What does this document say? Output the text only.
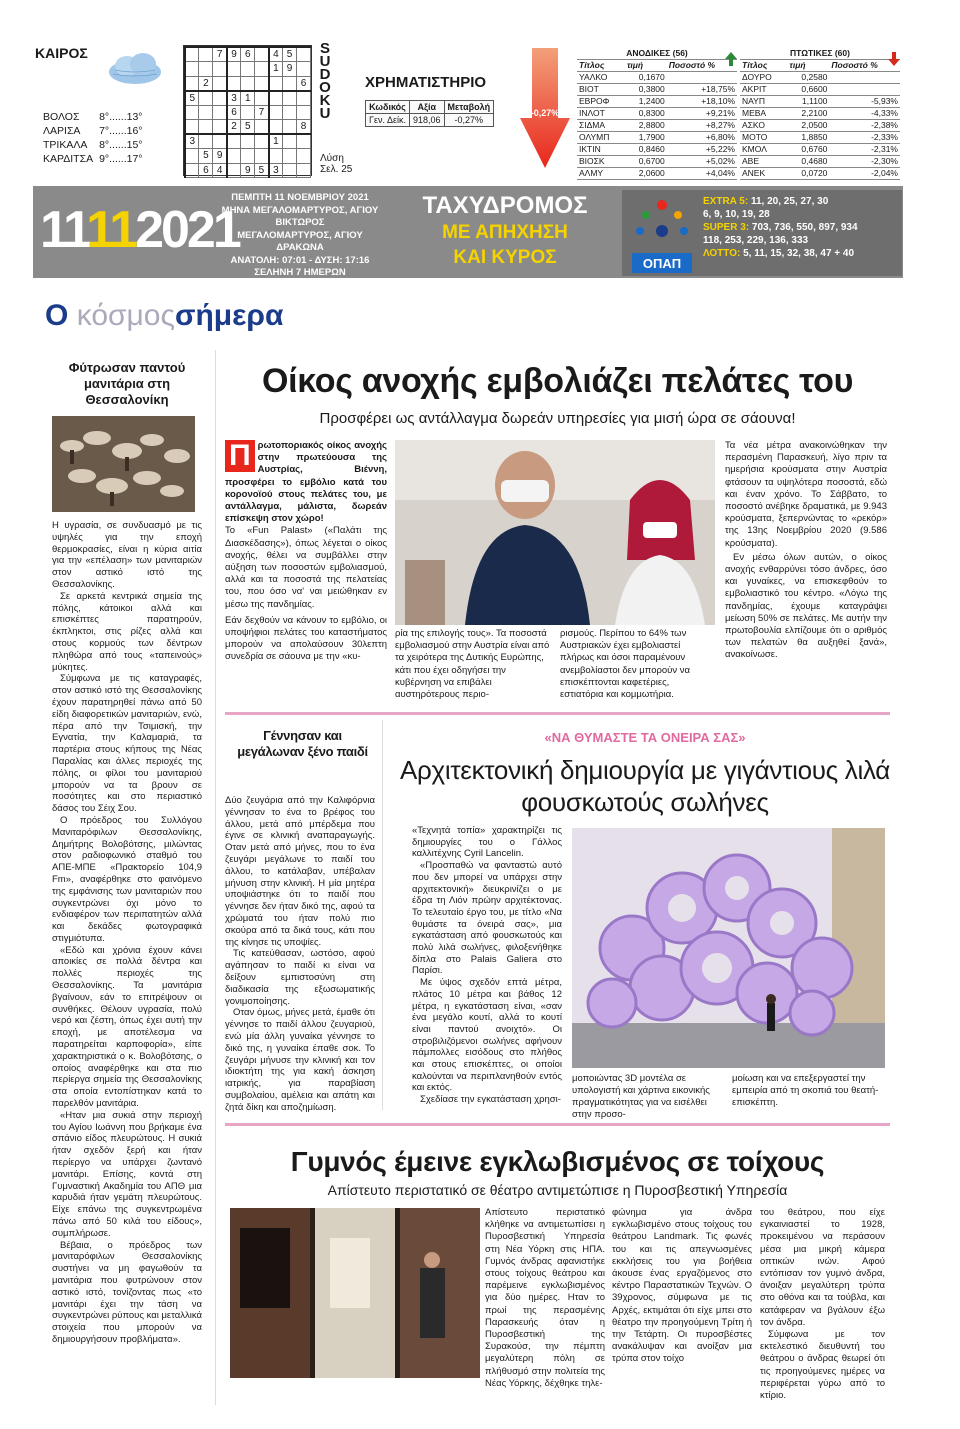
ΚΑΙΡΟΣ
ΒΟΛΟΣ	8°......13°
ΛΑΡΙΣΑ	7°......16°
ΤΡΙΚΑΛΑ	8°......15°
ΚΑΡΔΙΤΣΑ	9°......17°
		7	9	6		4	5	
						1	9	
	2							6
5			3	1				
			6		7			
			2	5				8
3						1		
	5	9						
	6	4		9	5	3		
S
U
D
O
K
U
Λύση
Σελ. 25
ΧΡΗΜΑΤΙΣΤΗΡΙΟ
Κωδικός	Αξία	Μεταβολή
Γεν. Δείκ.	918,06	-0,27%
-0,27%
ΑΝΟΔΙΚΕΣ (56)		
Τίτλος	τιμή	Ποσοστό %
ΥΑΛΚΟ	0,1670	
ΒΙΟΤ	0,3800	+18,75%
ΕΒΡΟΦ	1,2400	+18,10%
ΙΝΛΟΤ	0,8300	+9,21%
ΣΙΔΜΑ	2,8800	+8,27%
ΟΛΥΜΠ	1,7900	+6,80%
ΙΚΤΙΝ	0,8460	+5,22%
ΒΙΟΣΚ	0,6700	+5,02%
ΑΛΜΥ	2,0600	+4,04%
ΠΤΩΤΙΚΕΣ (60)		
Τίτλος	τιμή	Ποσοστό %
ΔΟΥΡΟ	0,2580	
ΑΚΡΙΤ	0,6600	
ΝΑΥΠ	1,1100	-5,93%
ΜΕΒΑ	2,2100	-4,33%
ΑΣΚΟ	2,0500	-2,38%
ΜΟΤΟ	1,8850	-2,33%
ΚΜΟΛ	0,6760	-2,31%
ΑΒΕ	0,4680	-2,30%
ΑΝΕΚ	0,0720	-2,04%
11112021
ΠΕΜΠΤΗ 11 ΝΟΕΜΒΡΙΟΥ 2021
ΜΗΝΑ ΜΕΓΑΛΟΜΑΡΤΥΡΟΣ, ΑΓΙΟΥ ΒΙΚΤΩΡΟΣ
ΜΕΓΑΛΟΜΑΡΤΥΡΟΣ, ΑΓΙΟΥ ΔΡΑΚΩΝΑ
ΑΝΑΤΟΛΗ: 07:01 - ΔΥΣΗ: 17:16
ΣΕΛΗΝΗ 7 ΗΜΕΡΩΝ
ΤΑΧΥΔΡΟΜΟΣ
ΜΕ ΑΠΗΧΗΣΗ
ΚΑΙ ΚΥΡΟΣ	ΟΠΑΠ
EXTRA 5: 11, 20, 25, 27, 30
6, 9, 10, 19, 28
SUPER 3: 703, 736, 550, 897, 934
118, 253, 229, 136, 333
ΛΟΤΤΟ: 5, 11, 15, 32, 38, 47 + 40
Ο κόσμοςσήμερα
Φύτρωσαν παντού μανιτάρια στη Θεσσαλονίκη

Η υγρασία, σε συνδυασμό με τις υψηλές για την εποχή θερμοκρασίες, είναι η κύρια αιτία για την «επέλαση» των μανιταριών στον αστικό ιστό της Θεσσαλονίκης.

Σε αρκετά κεντρικά σημεία της πόλης, κάτοικοι αλλά και επισκέπτες παρατηρούν, έκπληκτοι, στις ρίζες αλλά και στους κορμούς των δέντρων πληθώρα από τους «ταπεινούς» μύκητες.

Σύμφωνα με τις καταγραφές, στον αστικό ιστό της Θεσσαλονίκης έχουν παρατηρηθεί πάνω από 50 είδη διαφορετικών μανιταριών, ενώ, πέρα από την Τσιμισκή, την Εγνατία, την Καλαμαριά, τα παρτέρια στους κήπους της Νέας Παραλίας και άλλες περιοχές της πόλης, οι φίλοι του μανιταριού μπορούν να τα βρουν σε ποσότητες και στο περιαστικό δάσος του Σέιχ Σου.

Ο πρόεδρος του Συλλόγου Μανιταρόφιλων Θεσσαλονίκης, Δημήτρης Βολοβότσης, μιλώντας στον ραδιοφωνικό σταθμό του ΑΠΕ-ΜΠΕ «Πρακτορείο 104,9 Fm», αναφέρθηκε στο φαινόμενο της εμφάνισης των μανιταριών που συγκεντρώνει όχι μόνο το ενδιαφέρον των περιπατητών αλλά και δεκάδες φωτογραφικά στιγμιότυπα.

«Εδώ και χρόνια έχουν κάνει αποικίες σε πολλά δέντρα και πολλές περιοχές της Θεσσαλονίκης. Τα μανιτάρια βγαίνουν, εάν το επιτρέψουν οι συνθήκες. Θέλουν υγρασία, πολύ νερό και ζέστη, όπως έχει αυτή την εποχή, με αποτέλεσμα να παρατηρείται καρποφορία», είπε χαρακτηριστικά ο κ. Βολοβότσης, ο οποίος αναφέρθηκε και στα πιο περίεργα σημεία της Θεσσαλονίκης στα οποία εντοπίστηκαν κατά το παρελθόν μανιτάρια.

«Ηταν μια συκιά στην περιοχή του Αγίου Ιωάννη που βρήκαμε ένα σπάνιο είδος πλευρώτους. Η συκιά ήταν σχεδόν ξερή και ήταν περίεργο να υπάρχει ζωντανό μανιτάρι. Επίσης, κοντά στη Γυμναστική Ακαδημία του ΑΠΘ μια καρυδιά ήταν γεμάτη πλευρώτους. Είχε επάνω της συγκεντρωμένα πάνω από 50 κιλά του είδους», συμπλήρωσε.

Βέβαια, ο πρόεδρος των μανιταρόφιλων Θεσσαλονίκης συστήνει να μη φαγωθούν τα μανιτάρια που φυτρώνουν στον αστικό ιστό, τονίζοντας πως «το μανιτάρι έχει την τάση να συγκεντρώνει ρύπους και μεταλλικά στοιχεία που μπορούν να δημιουργήσουν προβλήματα».

Οίκος ανοχής εμβολιάζει πελάτες του
Προσφέρει ως αντάλλαγμα δωρεάν υπηρεσίες για μισή ώρα σε σάουνα!

Π ρωτοποριακός οίκος ανοχής στην πρωτεύουσα της Αυστρίας, Βιέννη, προσφέρει το εμβόλιο κατά του κορονοϊού στους πελάτες του, με αντάλλαγμα, μάλιστα, δωρεάν επίσκεψη στον χώρο!

Το «Fun Palast» («Παλάτι της Διασκέδασης»), όπως λέγεται ο οίκος ανοχής, θέλει να συμβάλλει στην αύξηση των ποσοστών εμβολιασμού, αλλά και τα ποσοστά της πελατείας του, που όσο να' ναι μειώθηκαν εν μέσω της πανδημίας.

Εάν δεχθούν να κάνουν το εμβόλιο, οι υποψήφιοι πελάτες του καταστήματος μπορούν να απολαύσουν 30λεπτη συνεδρία σε σάουνα με την «κυ-

ρία της επιλογής τους». Τα ποσοστά εμβολιασμού στην Αυστρία είναι από τα χειρότερα της Δυτικής Ευρώπης, κάτι που έχει οδηγήσει την κυβέρνηση να επιβάλει αυστηρότερους περιο-
ρισμούς. Περίπου το 64% των Αυστριακών έχει εμβολιαστεί πλήρως και όσοι παραμένουν ανεμβολίαστοι δεν μπορούν να επισκέπτονται καφετέριες, εστιατόρια και κομμωτήρια.

Τα νέα μέτρα ανακοινώθηκαν την περασμένη Παρασκευή, λίγο πριν τα ημερήσια κρούσματα στην Αυστρία φτάσουν τα υψηλότερα ποσοστά, εδώ και έναν χρόνο. Το Σάββατο, το ποσοστό ανέβηκε δραματικά, με 9.943 κρούσματα, ξεπερνώντας το «ρεκόρ» της 13ης Νοεμβρίου 2020 (9.586 κρούσματα).

Εν μέσω όλων αυτών, ο οίκος ανοχής ενθαρρύνει τόσο άνδρες, όσο και γυναίκες, να επισκεφθούν το εμβολιαστικό του κέντρο. «Λόγω της πανδημίας, έχουμε καταγράψει μείωση 50% σε πελάτες. Με αυτήν την πρωτοβουλία ελπίζουμε ότι ο αριθμός των πελατών θα αυξηθεί ξανά», ανακοίνωσε.

Γέννησαν και μεγάλωναν ξένο παιδί

Δύο ζευγάρια από την Καλιφόρνια γέννησαν το ένα το βρέφος του άλλου, μετά από μπέρδεμα που έγινε σε κλινική αναπαραγωγής. Οταν μετά από μήνες, που το ένα ζευγάρι μεγάλωνε το παιδί του άλλου, το κατάλαβαν, υπέβαλαν μήνυση στην κλινική. Η μία μητέρα υποψιάστηκε ότι το παιδί που γέννησε δεν ήταν δικό της, αφού τα χρώματά του ήταν πολύ πιο σκούρα από τα δικά τους, κάτι που της κίνησε τις υποψίες.

Τις κατεύθασαν, ωστόσο, αφού αγάπησαν το παιδί κι είναι να δείξουν εμπιστοσύνη στη διαδικασία της εξωσωματικής γονιμοποίησης.

Οταν όμως, μήνες μετά, έμαθε ότι γέννησε το παιδί άλλου ζευγαριού, ενώ μία άλλη γυναίκα γέννησε το δικό της, η γυναίκα έπαθε σοκ. Το ζευγάρι μήνυσε την κλινική και τον ιδιοκτήτη της για κακή άσκηση ιατρικής, για παραβίαση συμβολαίου, αμέλεια και απάτη και ζητά δίκη και αποζημίωση.

«ΝΑ ΘΥΜΑΣΤΕ ΤΑ ΟΝΕΙΡΑ ΣΑΣ»
Αρχιτεκτονική δημιουργία με γιγάντιους λιλά φουσκωτούς σωλήνες

«Τεχνητά τοπία» χαρακτηρίζει τις δημιουργίες του ο Γάλλος καλλιτέχνης Cyril Lancelin.

«Προσπαθώ να φανταστώ αυτό που δεν μπορεί να υπάρχει στην αρχιτεκτονική» διευκρινίζει ο με έδρα τη Λιόν πρώην αρχιτέκτονας. Το τελευταίο έργο του, με τίτλο «Να θυμάστε τα όνειρά σας», μια εγκατάσταση από φουσκωτούς και πολύ λιλά σωλήνες, φιλοξενήθηκε δίπλα στο Palais Galiera στο Παρίσι.

Με ύψος σχεδόν επτά μέτρα, πλάτος 10 μέτρα και βάθος 12 μέτρα, η εγκατάσταση είναι, «σαν ένα μεγάλο κουτί, αλλά το κουτί είναι παντού ανοιχτό». Οι στροβιλιζόμενοι σωλήνες αφήνουν πάμπολλες εισόδους στο πλήθος και στους επισκέπτες, οι οποίοι καλούνται να περιπλανηθούν εντός και εκτός.

Σχεδίασε την εγκατάσταση χρησι-

μοποιώντας 3D μοντέλα σε υπολογιστή και χάρτινα εικονικής πραγματικότητας για να εισέλθει στην προσο-
μοίωση και να επεξεργαστεί την εμπειρία από τη σκοπιά του θεατή-επισκέπτη.
Γυμνός έμεινε εγκλωβισμένος σε τοίχους
Απίστευτο περιστατικό σε θέατρο αντιμετώπισε η Πυροσβεστική Υπηρεσία

Απίστευτο περιστατικό κλήθηκε να αντιμετωπίσει η Πυροσβεστική Υπηρεσία στη Νέα Υόρκη στις ΗΠΑ. Γυμνός άνδρας αφανιστήκε στους τοίχους θεάτρου και παρέμεινε εγκλωβισμένος για δύο ημέρες. Ηταν το πρωί της περασμένης Παρασκευής όταν η Πυροσβεστική της Συρακούσ, την πέμπτη μεγαλύτερη πόλη σε πλήθυσμό στην πολιτεία της Νέας Υόρκης, δέχθηκε τηλε-

φώνημα για άνδρα εγκλωβισμένο στους τοίχους του θεάτρου Landmark. Τις φωνές του και τις απεγνωσμένες εκκλήσεις του για βοήθεια άκουσε ένας εργαζόμενος στο κέντρο Παραστατικών Τεχνών. Ο 39χρονος, σύμφωνα με τις Αρχές, εκτιμάται ότι είχε μπει στο θέατρο την προηγούμενη Τρίτη ή την Τετάρτη. Οι πυροσβέστες ανακάλυψαν και ανοίξαν μια τρύπα στον τοίχο

του θεάτρου, που είχε εγκαινιαστεί το 1928, προκειμένου να περάσουν μέσα μια μικρή κάμερα οπτικών ινών. Αφού εντόπισαν τον γυμνό άνδρα, άνοιξαν μεγαλύτερη τρύπα στο οθόνα και τα τούβλα, και κατάφεραν να βγάλουν έξω τον άνδρα.

Σύμφωνα με τον εκτελεστικό διευθυντή του θεάτρου ο άνδρας θεωρεί ότι τις προηγούμενες ημέρες να περιφέρεται γύρω από το κτίριο.
